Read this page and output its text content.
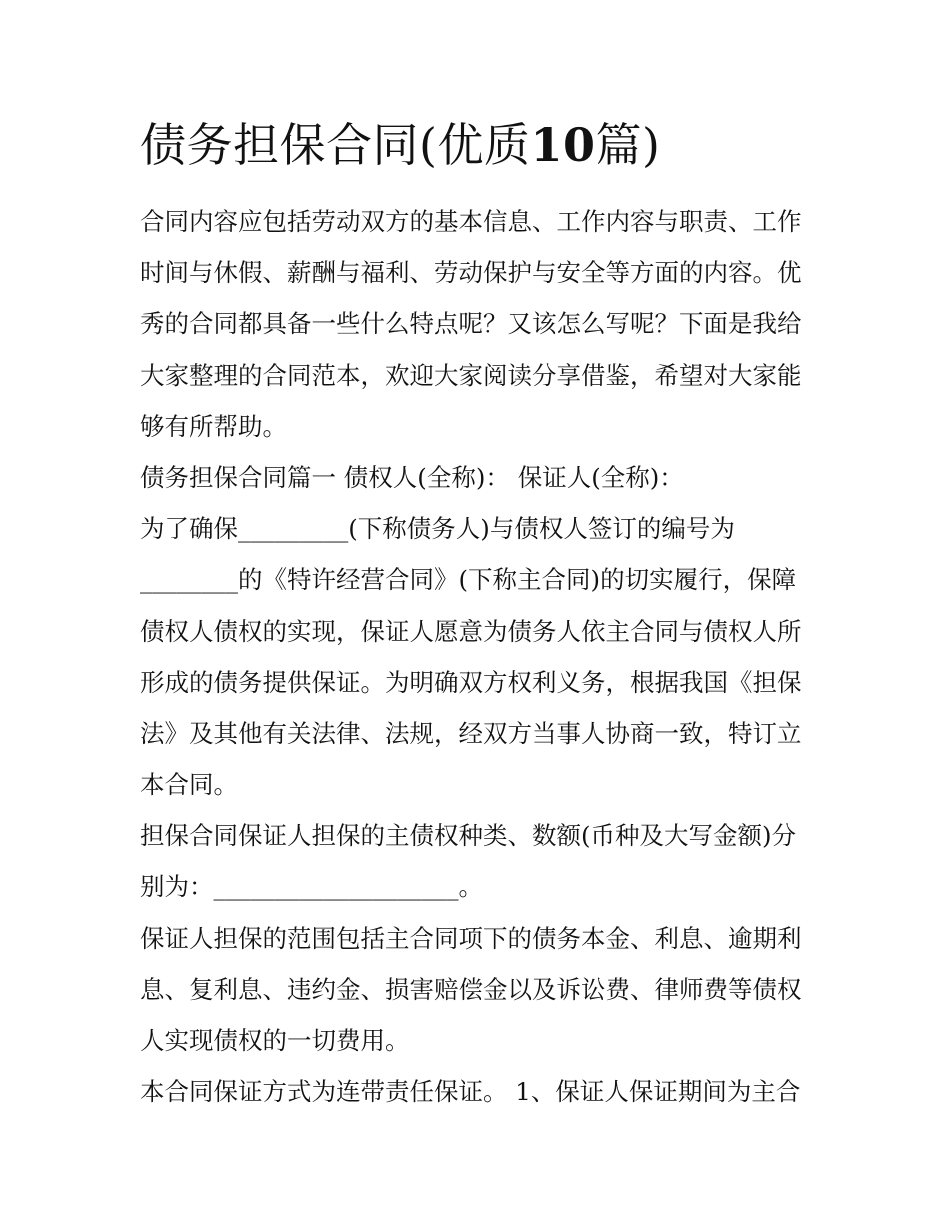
债务担保合同(优质10篇)
合同内容应包括劳动双方的基本信息、工作内容与职责、工作
时间与休假、薪酬与福利、劳动保护与安全等方面的内容。优
秀的合同都具备一些什么特点呢？又该怎么写呢？下面是我给
大家整理的合同范本，欢迎大家阅读分享借鉴，希望对大家能
够有所帮助。
债务担保合同篇一 债权人(全称)： 保证人(全称)：
为了确保_________(下称债务人)与债权人签订的编号为
________的《特许经营合同》(下称主合同)的切实履行，保障
债权人债权的实现，保证人愿意为债务人依主合同与债权人所
形成的债务提供保证。为明确双方权利义务，根据我国《担保
法》及其他有关法律、法规，经双方当事人协商一致，特订立
本合同。
担保合同保证人担保的主债权种类、数额(币种及大写金额)分
别为：____________________。
保证人担保的范围包括主合同项下的债务本金、利息、逾期利
息、复利息、违约金、损害赔偿金以及诉讼费、律师费等债权
人实现债权的一切费用。
本合同保证方式为连带责任保证。 1、保证人保证期间为主合
